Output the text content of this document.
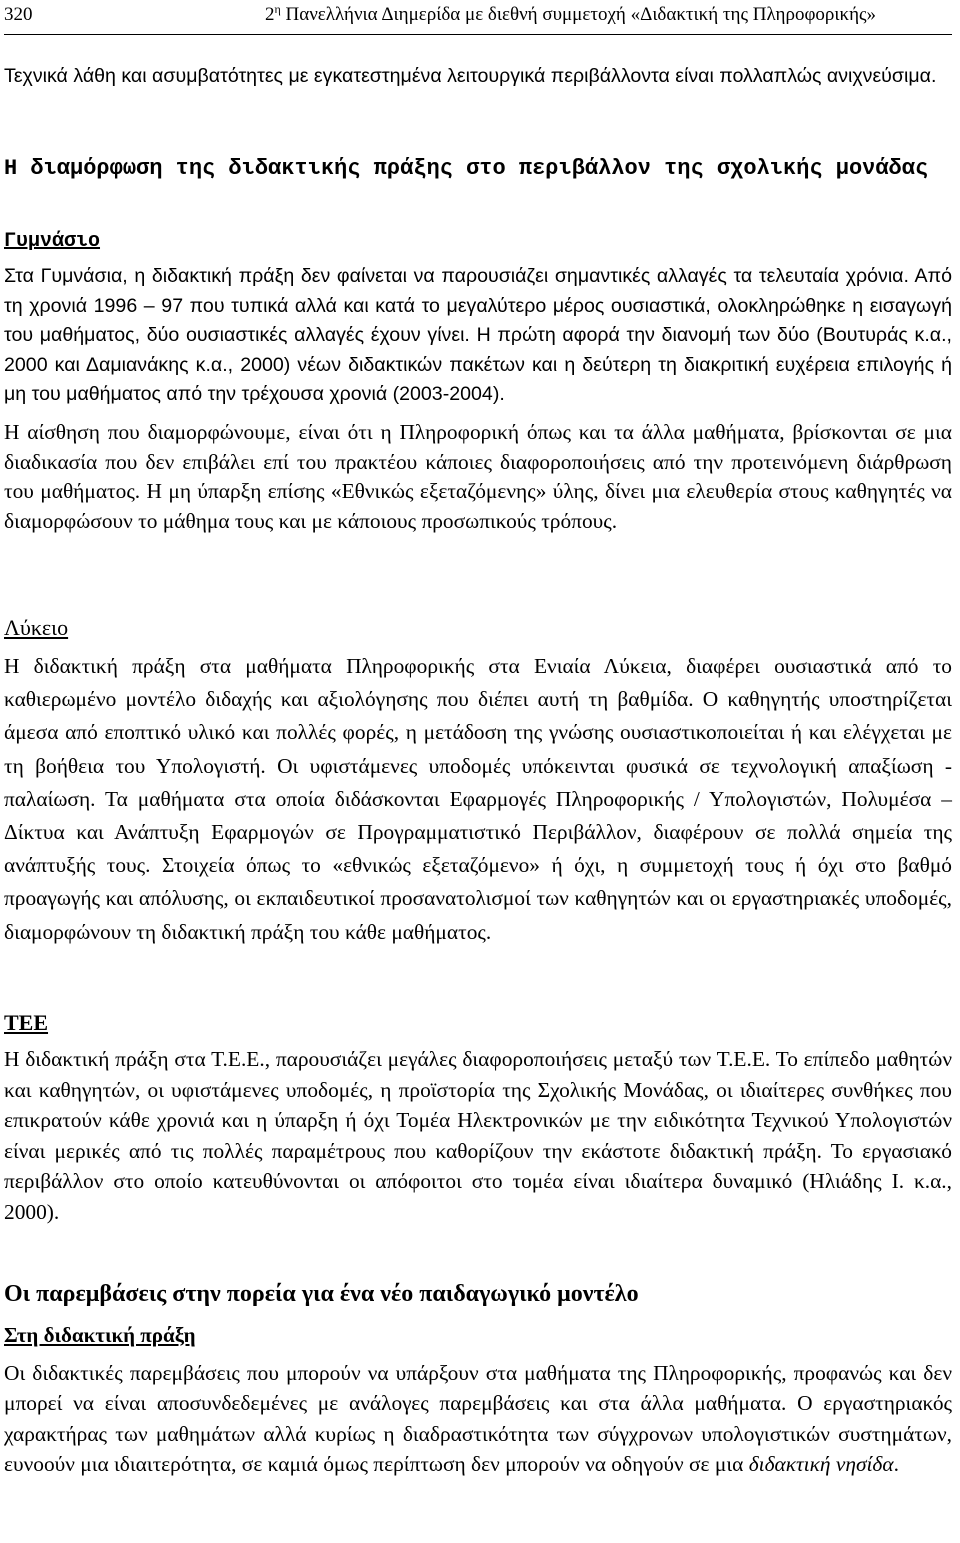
320	$2^\eta$ Πανελλήνια Διημερίδα με διεθνή συμμετοχή «Διδακτική της Πληροφορικής»

Τεχνικά λάθη και ασυμβατότητες με εγκατεστημένα λειτουργικά περιβάλλοντα είναι πολλαπλώς ανιχνεύσιμα.

Η διαμόρφωση της διδακτικής πράξης στο περιβάλλον της σχολικής μονάδας

Γυμνάσιο

Στα Γυμνάσια, η διδακτική πράξη δεν φαίνεται να παρουσιάζει σημαντικές αλλαγές τα τελευταία χρόνια. Από τη χρονιά 1996 – 97 που τυπικά αλλά και κατά το μεγαλύτερο μέρος ουσιαστικά, ολοκληρώθηκε η εισαγωγή του μαθήματος, δύο ουσιαστικές αλλαγές έχουν γίνει. Η πρώτη αφορά την διανομή των δύο (Βουτυράς κ.α., 2000 και Δαμιανάκης κ.α., 2000) νέων διδακτικών πακέτων και η δεύτερη τη διακριτική ευχέρεια επιλογής ή μη του μαθήματος από την τρέχουσα χρονιά (2003-2004).

Η αίσθηση που διαμορφώνουμε, είναι ότι η Πληροφορική όπως και τα άλλα μαθήματα, βρίσκονται σε μια διαδικασία που δεν επιβάλει επί του πρακτέου κάποιες διαφοροποιήσεις από την προτεινόμενη διάρθρωση του μαθήματος. Η μη ύπαρξη επίσης «Εθνικώς εξεταζόμενης» ύλης, δίνει μια ελευθερία στους καθηγητές να διαμορφώσουν το μάθημα τους και με κάποιους προσωπικούς τρόπους.

Λύκειο

Η διδακτική πράξη στα μαθήματα Πληροφορικής στα Ενιαία Λύκεια, διαφέρει ουσιαστικά από το καθιερωμένο μοντέλο διδαχής και αξιολόγησης που διέπει αυτή τη βαθμίδα. Ο καθηγητής υποστηρίζεται άμεσα από εποπτικό υλικό και πολλές φορές, η μετάδοση της γνώσης ουσιαστικοποιείται ή και ελέγχεται με τη βοήθεια του Υπολογιστή. Οι υφιστάμενες υποδομές υπόκεινται φυσικά σε τεχνολογική απαξίωση - παλαίωση. Τα μαθήματα στα οποία διδάσκονται Εφαρμογές Πληροφορικής / Υπολογιστών, Πολυμέσα – Δίκτυα και Ανάπτυξη Εφαρμογών σε Προγραμματιστικό Περιβάλλον, διαφέρουν σε πολλά σημεία της ανάπτυξής τους. Στοιχεία όπως το «εθνικώς εξεταζόμενο» ή όχι, η συμμετοχή τους ή όχι στο βαθμό προαγωγής και απόλυσης, οι εκπαιδευτικοί προσανατολισμοί των καθηγητών και οι εργαστηριακές υποδομές, διαμορφώνουν τη διδακτική πράξη του κάθε μαθήματος.

ΤΕΕ

Η διδακτική πράξη στα Τ.Ε.Ε., παρουσιάζει μεγάλες διαφοροποιήσεις μεταξύ των Τ.Ε.Ε. Το επίπεδο μαθητών και καθηγητών, οι υφιστάμενες υποδομές, η προϊστορία της Σχολικής Μονάδας, οι ιδιαίτερες συνθήκες που επικρατούν κάθε χρονιά και η ύπαρξη ή όχι Τομέα Ηλεκτρονικών με την ειδικότητα Τεχνικού Υπολογιστών είναι μερικές από τις πολλές παραμέτρους που καθορίζουν την εκάστοτε διδακτική πράξη. Το εργασιακό περιβάλλον στο οποίο κατευθύνονται οι απόφοιτοι στο τομέα είναι ιδιαίτερα δυναμικό (Ηλιάδης Ι. κ.α., 2000).

Οι παρεμβάσεις στην πορεία για ένα νέο παιδαγωγικό μοντέλο
Στη διδακτική πράξη

Οι διδακτικές παρεμβάσεις που μπορούν να υπάρξουν στα μαθήματα της Πληροφορικής, προφανώς και δεν μπορεί να είναι αποσυνδεδεμένες με ανάλογες παρεμβάσεις και στα άλλα μαθήματα. Ο εργαστηριακός χαρακτήρας των μαθημάτων αλλά κυρίως η διαδραστικότητα των σύγχρονων υπολογιστικών συστημάτων, ευνοούν μια ιδιαιτερότητα, σε καμιά όμως περίπτωση δεν μπορούν να οδηγούν σε μια διδακτική νησίδα.
